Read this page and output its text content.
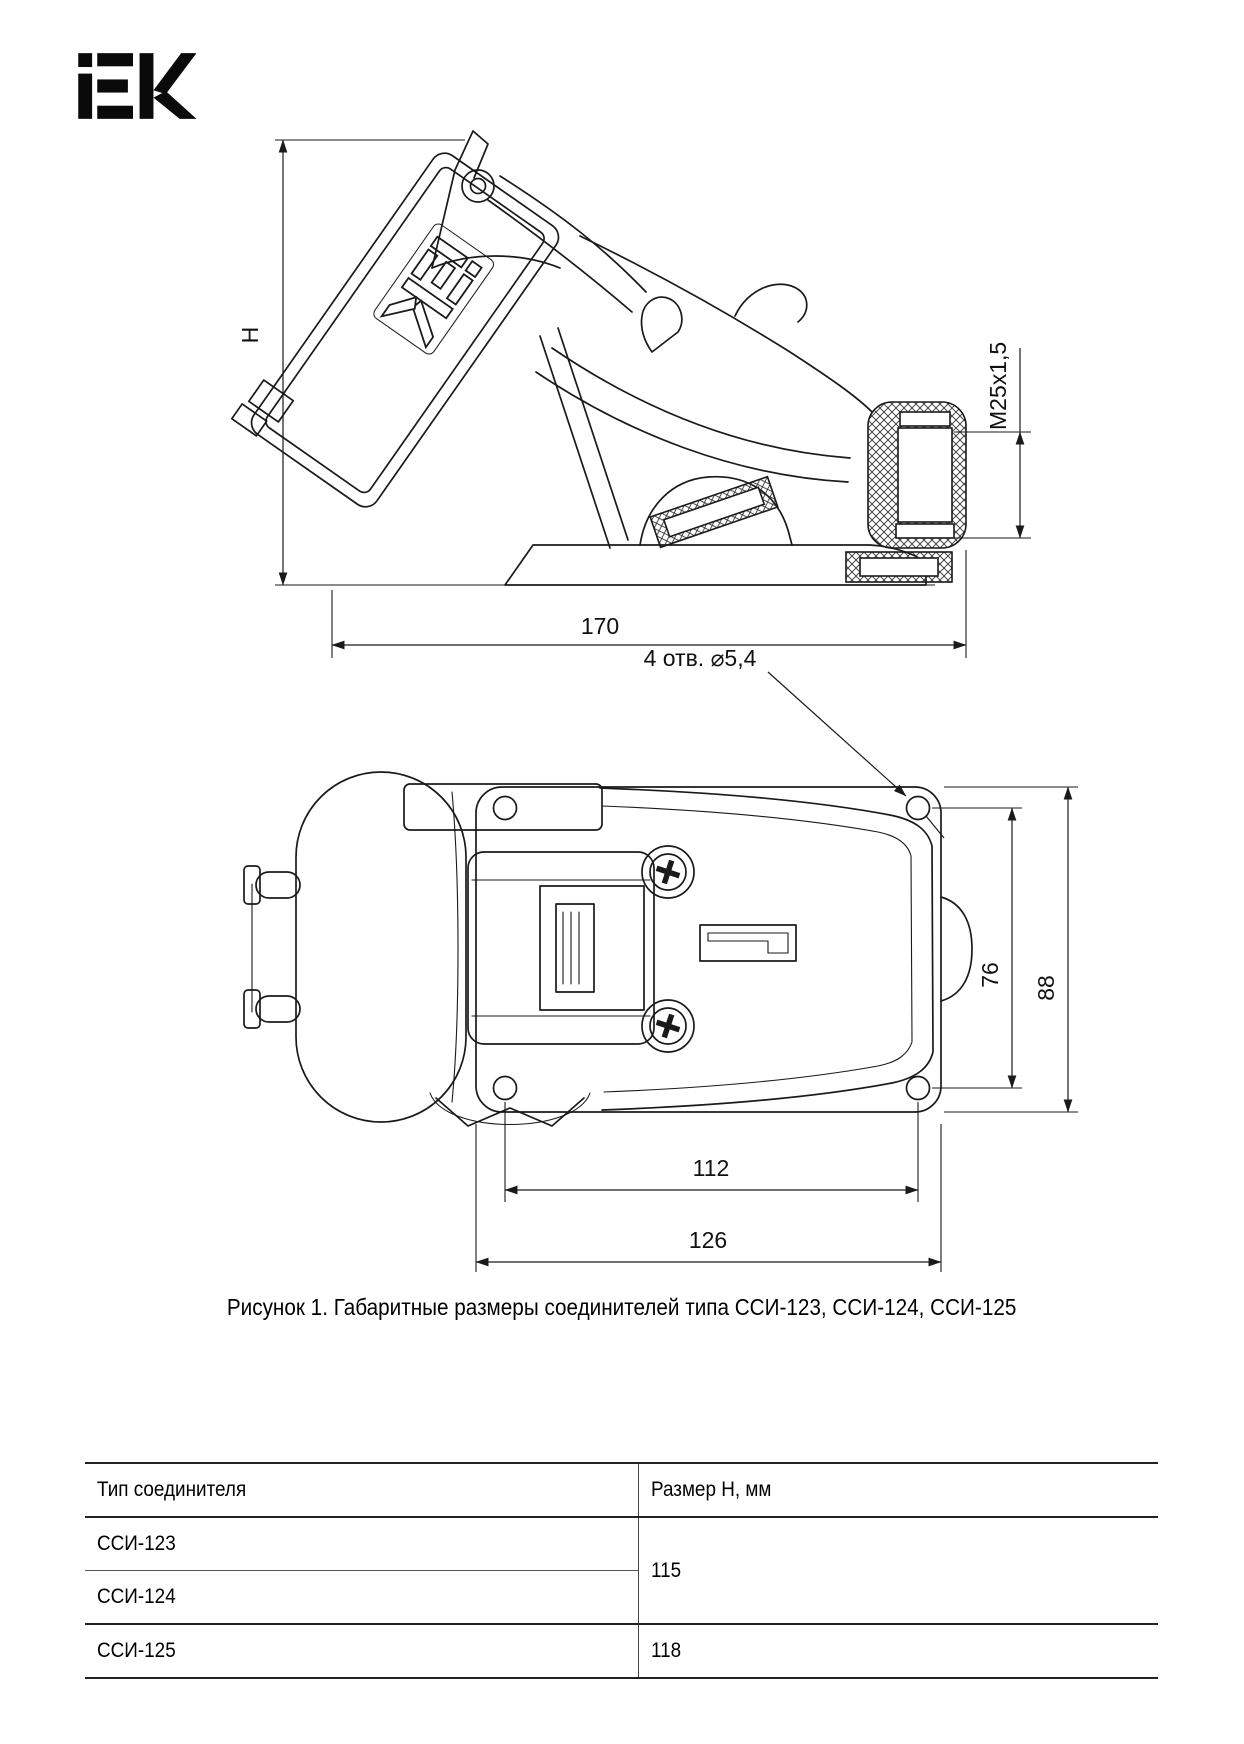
H
170
M25x1,5
4 отв. ⌀5,4
76
88
112
126
Рисунок 1. Габаритные размеры соединителей типа ССИ-123, ССИ-124, ССИ-125
Тип соединителя	Размер H, мм
ССИ-123	115
ССИ-124	
ССИ-125	118
